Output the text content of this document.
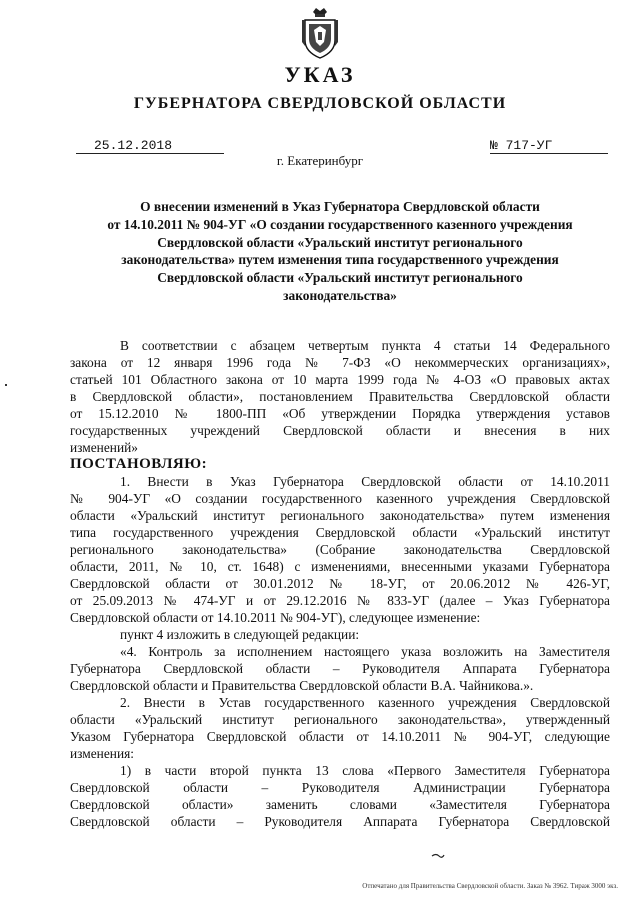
УКАЗ
ГУБЕРНАТОРА СВЕРДЛОВСКОЙ ОБЛАСТИ
25.12.2018	№ 717-УГ
г. Екатеринбург
О внесении изменений в Указ Губернатора Свердловской области
от 14.10.2011 № 904-УГ «О создании государственного казенного учреждения
Свердловской области «Уральский институт регионального
законодательства» путем изменения типа государственного учреждения
Свердловской области «Уральский институт регионального
законодательства»
В соответствии с абзацем четвертым пункта 4 статьи 14 Федерального
закона от 12 января 1996 года № 7-ФЗ «О некоммерческих организациях»,
статьей 101 Областного закона от 10 марта 1999 года № 4-ОЗ «О правовых актах
в Свердловской области», постановлением Правительства Свердловской области
от 15.12.2010 № 1800-ПП «Об утверждении Порядка утверждения уставов
государственных учреждений Свердловской области и внесения в них
изменений»
ПОСТАНОВЛЯЮ:
1. Внести в Указ Губернатора Свердловской области от 14.10.2011
№ 904-УГ «О создании государственного казенного учреждения Свердловской
области «Уральский институт регионального законодательства» путем изменения
типа государственного учреждения Свердловской области «Уральский институт
регионального законодательства» (Собрание законодательства Свердловской
области, 2011, № 10, ст. 1648) с изменениями, внесенными указами Губернатора
Свердловской области от 30.01.2012 № 18-УГ, от 20.06.2012 № 426-УГ,
от 25.09.2013 № 474-УГ и от 29.12.2016 № 833-УГ (далее – Указ Губернатора
Свердловской области от 14.10.2011 № 904-УГ), следующее изменение:
пункт 4 изложить в следующей редакции:
«4. Контроль за исполнением настоящего указа возложить на Заместителя
Губернатора Свердловской области – Руководителя Аппарата Губернатора
Свердловской области и Правительства Свердловской области В.А. Чайникова.».
2. Внести в Устав государственного казенного учреждения Свердловской
области «Уральский институт регионального законодательства», утвержденный
Указом Губернатора Свердловской области от 14.10.2011 № 904-УГ, следующие
изменения:
1) в части второй пункта 13 слова «Первого Заместителя Губернатора
Свердловской области – Руководителя Администрации Губернатора
Свердловской области» заменить словами «Заместителя Губернатора
Свердловской области – Руководителя Аппарата Губернатора Свердловской
Отпечатано для Правительства Свердловской области. Заказ № 3962. Тираж 3000 экз.
